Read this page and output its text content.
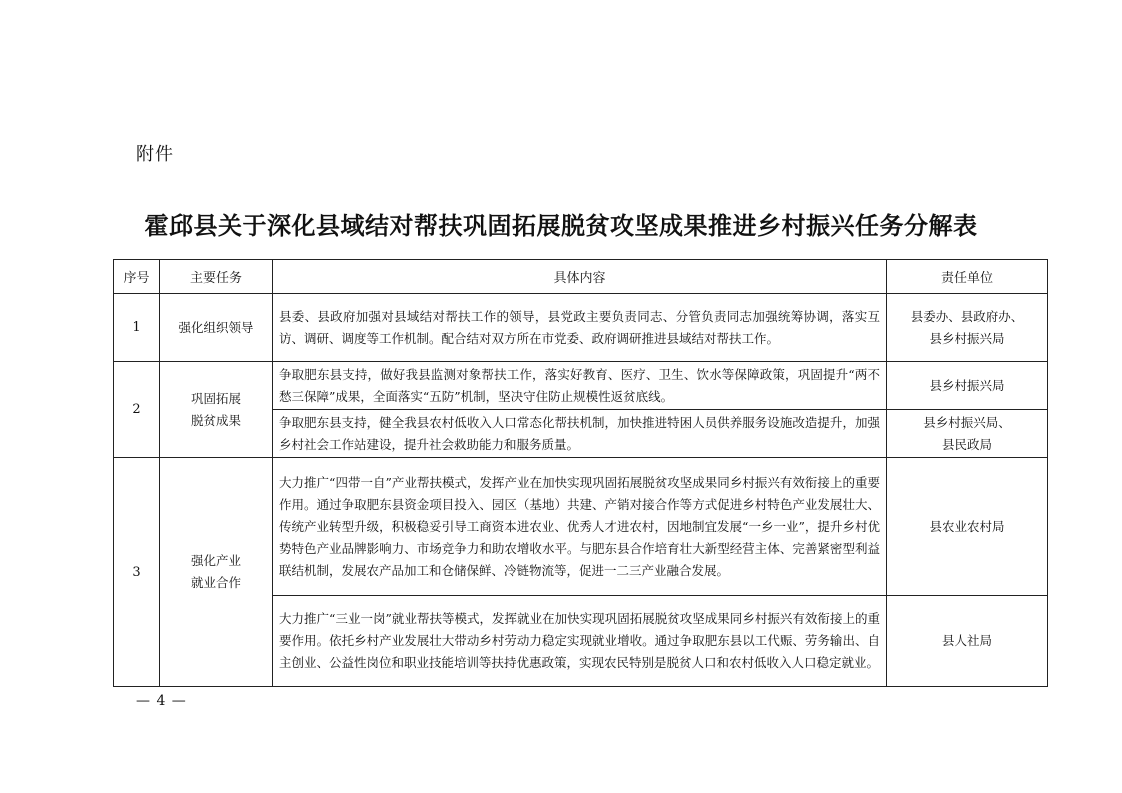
附件
霍邱县关于深化县域结对帮扶巩固拓展脱贫攻坚成果推进乡村振兴任务分解表
序号	主要任务	具体内容	责任单位
1	强化组织领导	县委、县政府加强对县域结对帮扶工作的领导，县党政主要负责同志、分管负责同志加强统筹协调，落实互访、调研、调度等工作机制。配合结对双方所在市党委、政府调研推进县域结对帮扶工作。	县委办、县政府办、
县乡村振兴局

2	巩固拓展
脱贫成果	争取肥东县支持，做好我县监测对象帮扶工作，落实好教育、医疗、卫生、饮水等保障政策，巩固提升“两不愁三保障”成果，全面落实“五防”机制，坚决守住防止规模性返贫底线。	县乡村振兴局
		争取肥东县支持，健全我县农村低收入人口常态化帮扶机制，加快推进特困人员供养服务设施改造提升，加强乡村社会工作站建设，提升社会救助能力和服务质量。	县乡村振兴局、
县民政局

3	强化产业
就业合作	大力推广“四带一自”产业帮扶模式，发挥产业在加快实现巩固拓展脱贫攻坚成果同乡村振兴有效衔接上的重要作用。通过争取肥东县资金项目投入、园区（基地）共建、产销对接合作等方式促进乡村特色产业发展壮大、传统产业转型升级，积极稳妥引导工商资本进农业、优秀人才进农村，因地制宜发展“一乡一业”，提升乡村优势特色产业品牌影响力、市场竞争力和助农增收水平。与肥东县合作培育壮大新型经营主体、完善紧密型利益联结机制，发展农产品加工和仓储保鲜、冷链物流等，促进一二三产业融合发展。	县农业农村局
		大力推广“三业一岗”就业帮扶等模式，发挥就业在加快实现巩固拓展脱贫攻坚成果同乡村振兴有效衔接上的重要作用。依托乡村产业发展壮大带动乡村劳动力稳定实现就业增收。通过争取肥东县以工代赈、劳务输出、自主创业、公益性岗位和职业技能培训等扶持优惠政策，实现农民特别是脱贫人口和农村低收入人口稳定就业。	县人社局
— 4 —
